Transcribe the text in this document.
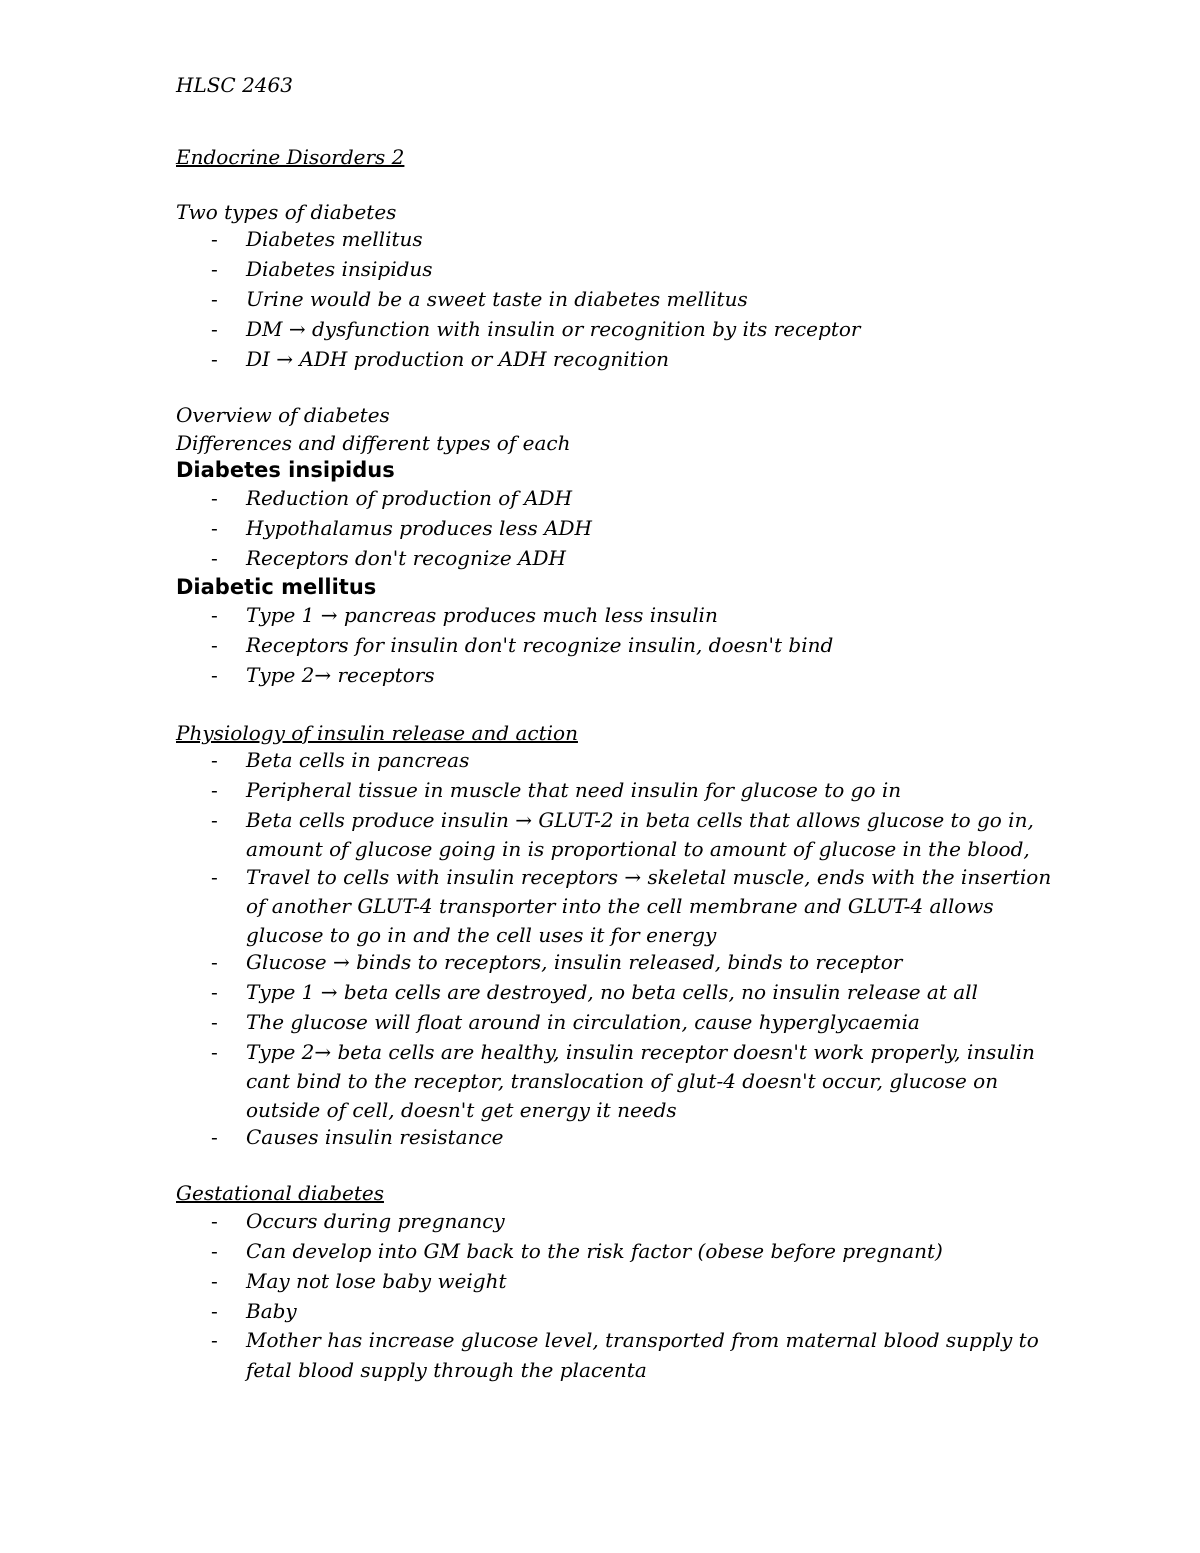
HLSC 2463
Endocrine Disorders 2
Two types of diabetes
- Diabetes mellitus
- Diabetes insipidus
- Urine would be a sweet taste in diabetes mellitus
- DM → dysfunction with insulin or recognition by its receptor
- DI → ADH production or ADH recognition
Overview of diabetes
Differences and different types of each
Diabetes insipidus
- Reduction of production of ADH
- Hypothalamus produces less ADH
- Receptors don't recognize ADH
Diabetic mellitus
- Type 1 → pancreas produces much less insulin
- Receptors for insulin don't recognize insulin, doesn't bind
- Type 2→ receptors
Physiology of insulin release and action
- Beta cells in pancreas
- Peripheral tissue in muscle that need insulin for glucose to go in
- Beta cells produce insulin → GLUT-2 in beta cells that allows glucose to go in,
amount of glucose going in is proportional to amount of glucose in the blood,
- Travel to cells with insulin receptors → skeletal muscle, ends with the insertion
of another GLUT-4 transporter into the cell membrane and GLUT-4 allows
glucose to go in and the cell uses it for energy
- Glucose → binds to receptors, insulin released, binds to receptor
- Type 1 → beta cells are destroyed, no beta cells, no insulin release at all
- The glucose will float around in circulation, cause hyperglycaemia
- Type 2→ beta cells are healthy, insulin receptor doesn't work properly, insulin
cant bind to the receptor, translocation of glut-4 doesn't occur, glucose on
outside of cell, doesn't get energy it needs
- Causes insulin resistance
Gestational diabetes
- Occurs during pregnancy
- Can develop into GM back to the risk factor (obese before pregnant)
- May not lose baby weight
- Baby
- Mother has increase glucose level, transported from maternal blood supply to
fetal blood supply through the placenta
